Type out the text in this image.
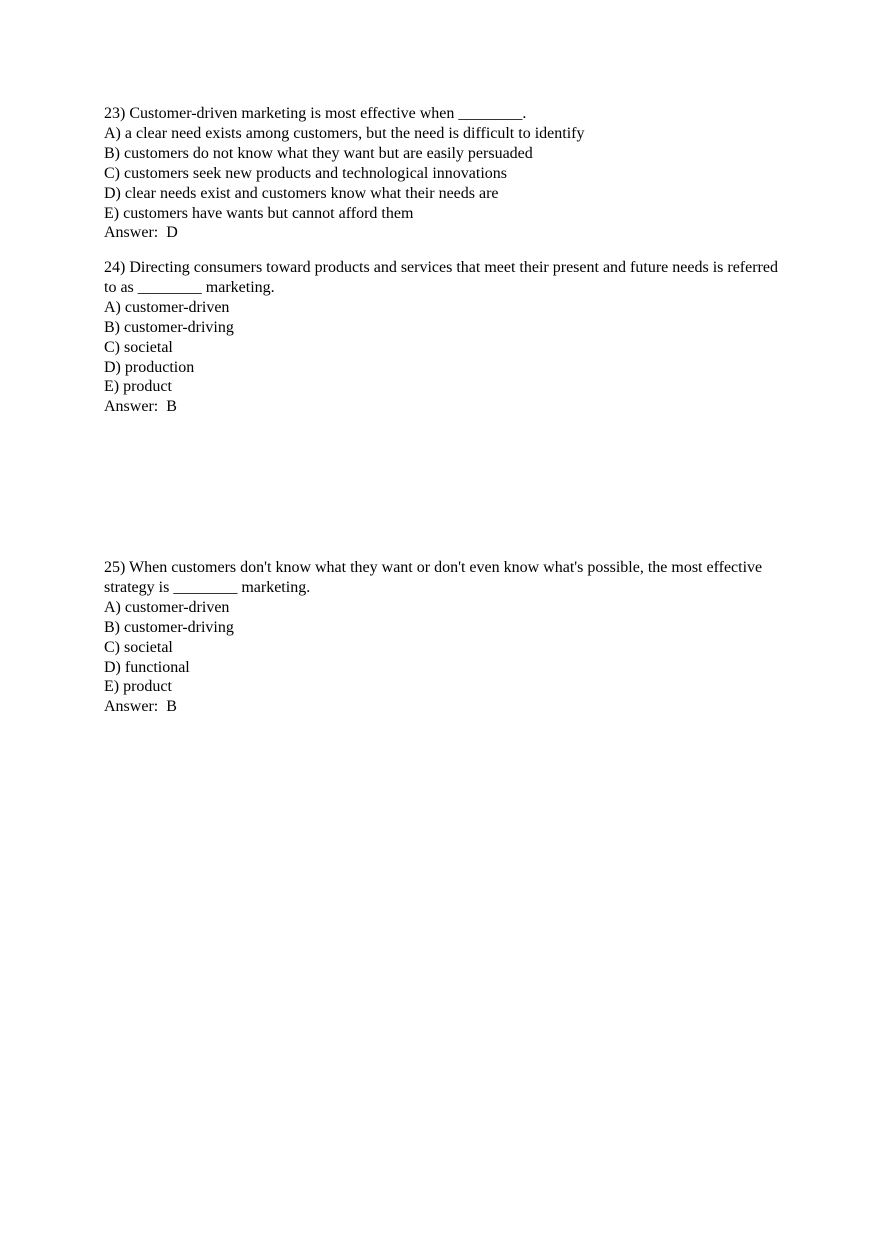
23) Customer-driven marketing is most effective when ________.
A) a clear need exists among customers, but the need is difficult to identify
B) customers do not know what they want but are easily persuaded
C) customers seek new products and technological innovations
D) clear needs exist and customers know what their needs are
E) customers have wants but cannot afford them
Answer:  D
24) Directing consumers toward products and services that meet their present and future needs is referred to as ________ marketing.
A) customer-driven
B) customer-driving
C) societal
D) production
E) product
Answer:  B
25) When customers don't know what they want or don't even know what's possible, the most effective strategy is ________ marketing.
A) customer-driven
B) customer-driving
C) societal
D) functional
E) product
Answer:  B
